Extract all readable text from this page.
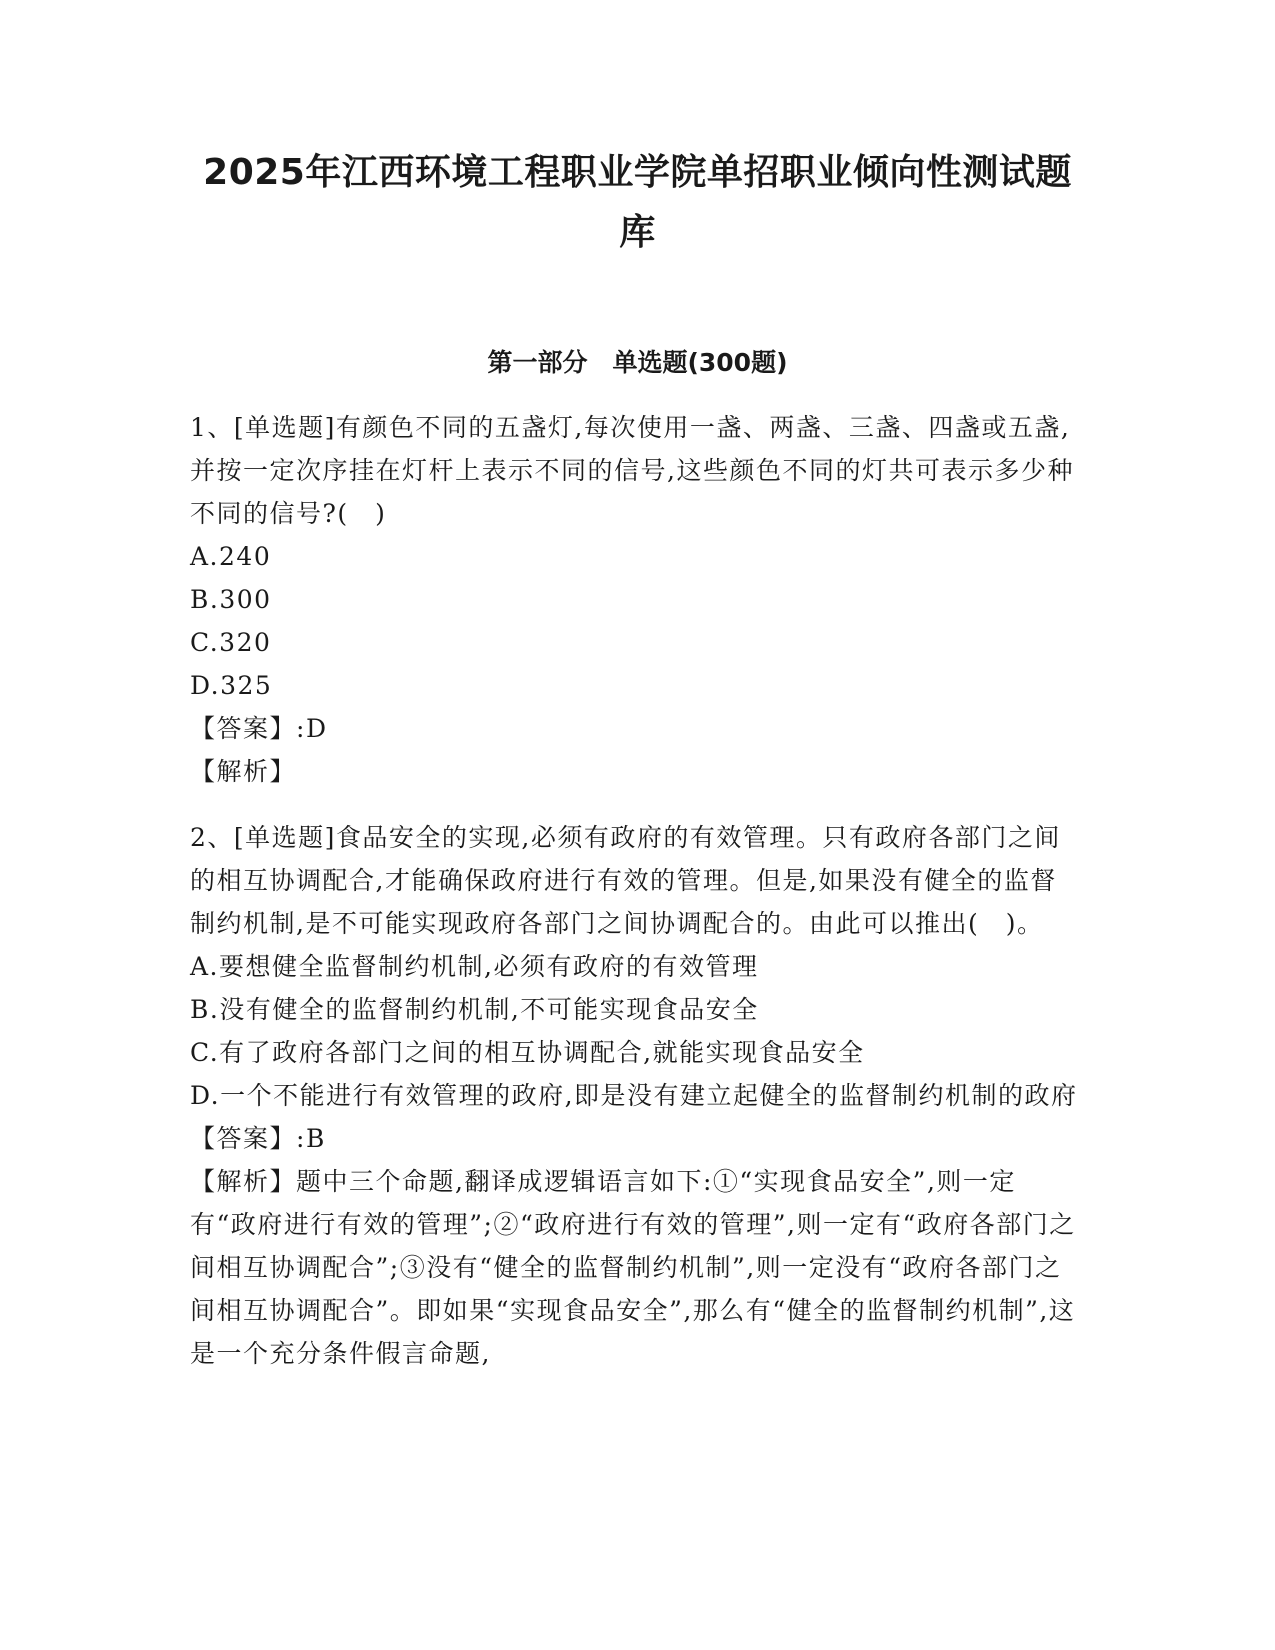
2025年江西环境工程职业学院单招职业倾向性测试题
库
第一部分　单选题(300题)

1、[单选题]有颜色不同的五盏灯,每次使用一盏、两盏、三盏、四盏或五盏,并按一定次序挂在灯杆上表示不同的信号,这些颜色不同的灯共可表示多少种不同的信号?(　)

A.240

B.300

C.320

D.325

【答案】:D

【解析】

2、[单选题]食品安全的实现,必须有政府的有效管理。只有政府各部门之间的相互协调配合,才能确保政府进行有效的管理。但是,如果没有健全的监督制约机制,是不可能实现政府各部门之间协调配合的。由此可以推出(　)。

A.要想健全监督制约机制,必须有政府的有效管理

B.没有健全的监督制约机制,不可能实现食品安全

C.有了政府各部门之间的相互协调配合,就能实现食品安全

D.一个不能进行有效管理的政府,即是没有建立起健全的监督制约机制的政府

【答案】:B

【解析】题中三个命题,翻译成逻辑语言如下:①“实现食品安全”,则一定有“政府进行有效的管理”;②“政府进行有效的管理”,则一定有“政府各部门之间相互协调配合”;③没有“健全的监督制约机制”,则一定没有“政府各部门之间相互协调配合”。即如果“实现食品安全”,那么有“健全的监督制约机制”,这是一个充分条件假言命题,
